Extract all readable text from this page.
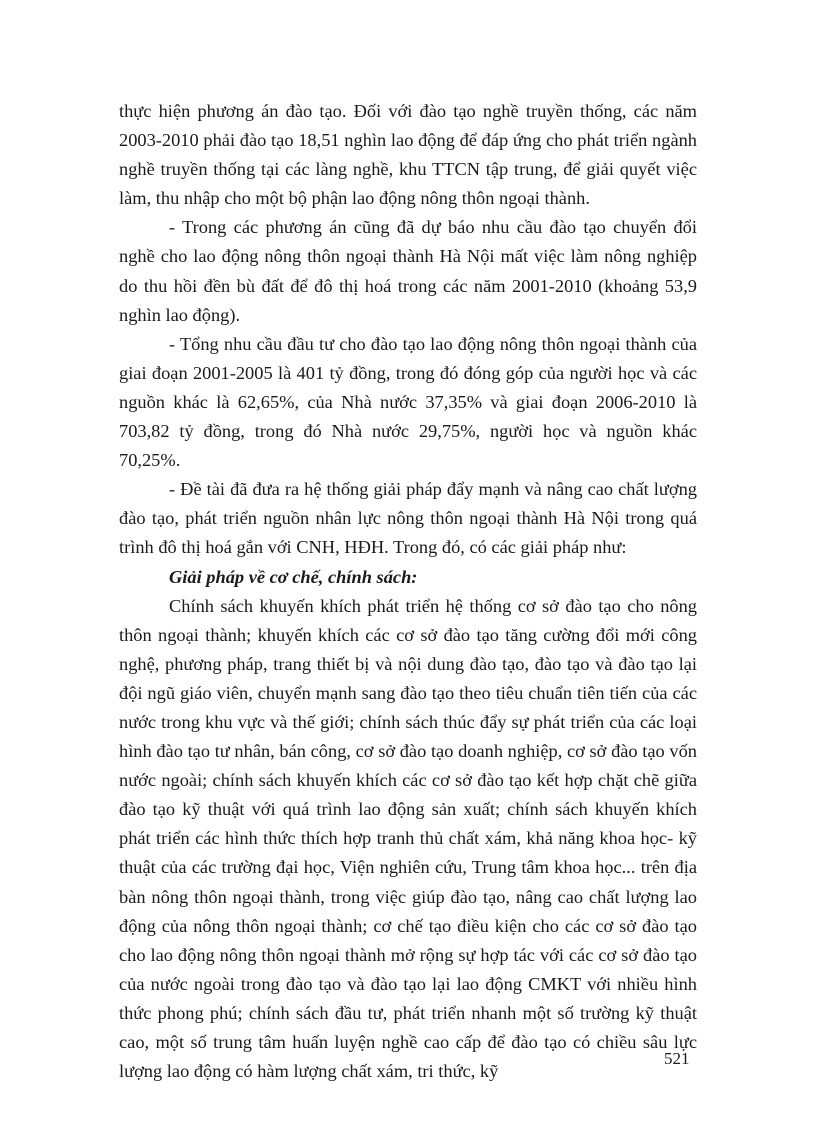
thực hiện phương án đào tạo. Đối với đào tạo nghề truyền thống, các năm 2003-2010 phải đào tạo 18,51 nghìn lao động để đáp ứng cho phát triển ngành nghề truyền thống tại các làng nghề, khu TTCN tập trung, để giải quyết việc làm, thu nhập cho một bộ phận lao động nông thôn ngoại thành.

- Trong các phương án cũng đã dự báo nhu cầu đào tạo chuyển đổi nghề cho lao động nông thôn ngoại thành Hà Nội mất việc làm nông nghiệp do thu hồi đền bù đất để đô thị hoá trong các năm 2001-2010 (khoảng 53,9 nghìn lao động).

- Tổng nhu cầu đầu tư cho đào tạo lao động nông thôn ngoại thành của giai đoạn 2001-2005 là 401 tỷ đồng, trong đó đóng góp của người học và các nguồn khác là 62,65%, của Nhà nước 37,35% và giai đoạn 2006-2010 là 703,82 tỷ đồng, trong đó Nhà nước 29,75%, người học và nguồn khác 70,25%.

- Đề tài đã đưa ra hệ thống giải pháp đẩy mạnh và nâng cao chất lượng đào tạo, phát triển nguồn nhân lực nông thôn ngoại thành Hà Nội trong quá trình đô thị hoá gắn với CNH, HĐH. Trong đó, có các giải pháp như:

Giải pháp về cơ chế, chính sách:

Chính sách khuyến khích phát triển hệ thống cơ sở đào tạo cho nông thôn ngoại thành; khuyến khích các cơ sở đào tạo tăng cường đổi mới công nghệ, phương pháp, trang thiết bị và nội dung đào tạo, đào tạo và đào tạo lại đội ngũ giáo viên, chuyển mạnh sang đào tạo theo tiêu chuẩn tiên tiến của các nước trong khu vực và thế giới; chính sách thúc đẩy sự phát triển của các loại hình đào tạo tư nhân, bán công, cơ sở đào tạo doanh nghiệp, cơ sở đào tạo vốn nước ngoài; chính sách khuyến khích các cơ sở đào tạo kết hợp chặt chẽ giữa đào tạo kỹ thuật với quá trình lao động sản xuất; chính sách khuyến khích phát triển các hình thức thích hợp tranh thủ chất xám, khả năng khoa học- kỹ thuật của các trường đại học, Viện nghiên cứu, Trung tâm khoa học... trên địa bàn nông thôn ngoại thành, trong việc giúp đào tạo, nâng cao chất lượng lao động của nông thôn ngoại thành; cơ chế tạo điều kiện cho các cơ sở đào tạo cho lao động nông thôn ngoại thành mở rộng sự hợp tác với các cơ sở đào tạo của nước ngoài trong đào tạo và đào tạo lại lao động CMKT với nhiều hình thức phong phú; chính sách đầu tư, phát triển nhanh một số trường kỹ thuật cao, một số trung tâm huấn luyện nghề cao cấp để đào tạo có chiều sâu lực lượng lao động có hàm lượng chất xám, tri thức, kỹ

521
